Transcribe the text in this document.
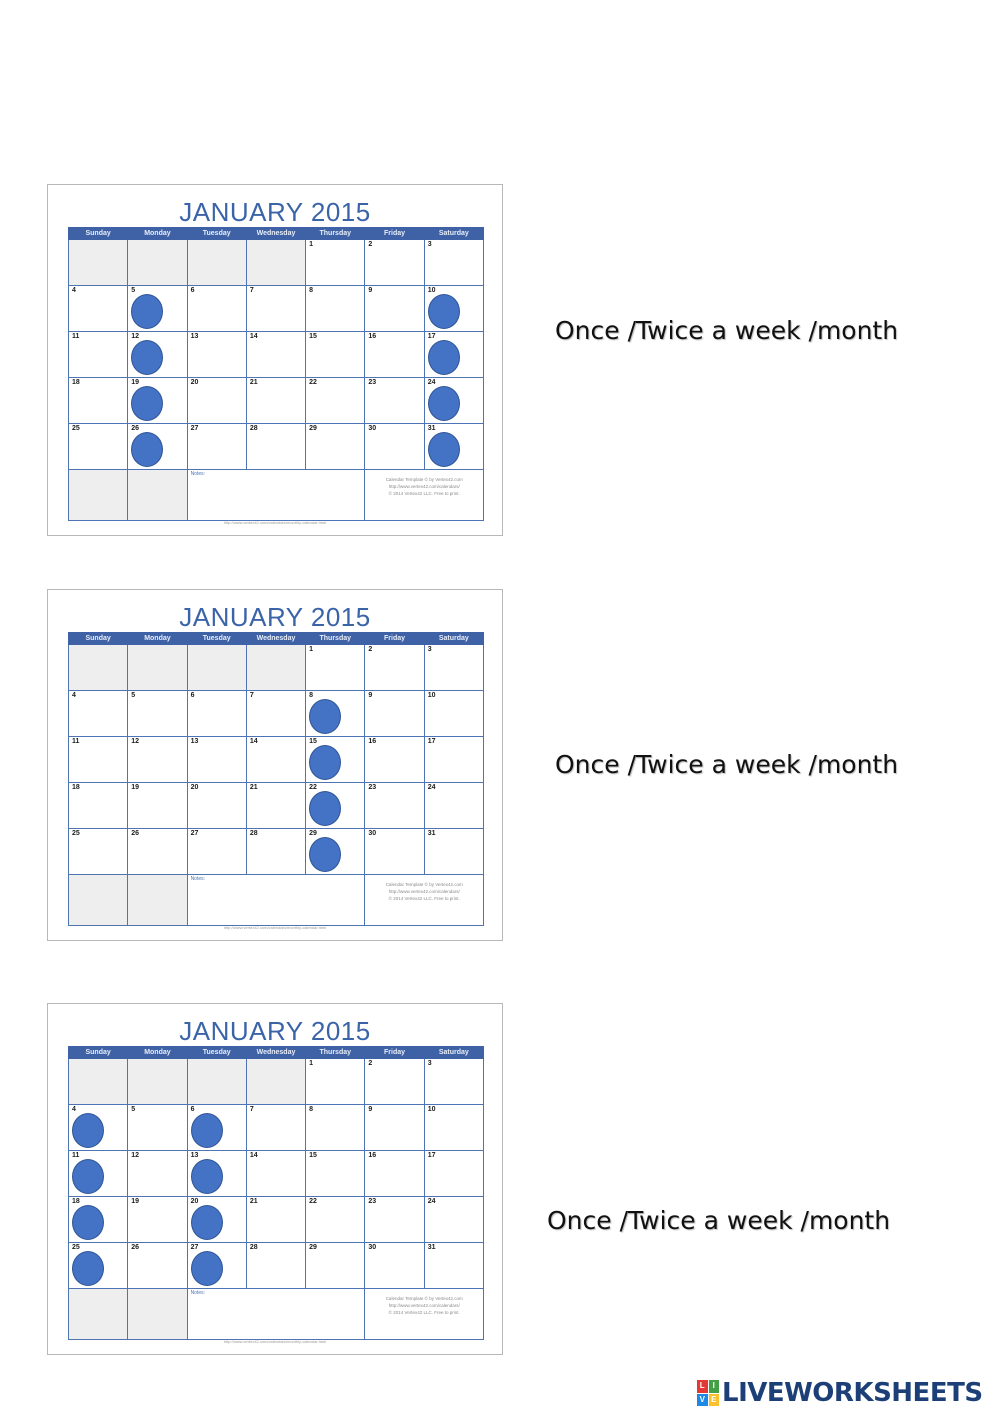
JANUARY 2015
Sunday	Monday	Tuesday	Wednesday	Thursday	Friday	Saturday
				1	2	3
4	5	6	7	8	9	10

11	12	13	14	15	16	17

18	19	20	21	22	23	24

25	26	27	28	29	30	31

		Notes:			Calendar Template © by Vertex42.com
http://www.vertex42.com/calendars/
© 2014 Vertex42 LLC. Free to print.	
http://www.vertex42.com/calendars/monthly-calendar.html
Once /Twice a week /month
JANUARY 2015
Sunday	Monday	Tuesday	Wednesday	Thursday	Friday	Saturday
				1	2	3
4	5	6	7	8	9	10
11	12	13	14	15	16	17
18	19	20	21	22	23	24
25	26	27	28	29	30	31
		Notes:			Calendar Template © by Vertex42.com
http://www.vertex42.com/calendars/
© 2014 Vertex42 LLC. Free to print.	
http://www.vertex42.com/calendars/monthly-calendar.html
Once /Twice a week /month
JANUARY 2015
Sunday	Monday	Tuesday	Wednesday	Thursday	Friday	Saturday
				1	2	3
4	5	6	7	8	9	10
11	12	13	14	15	16	17
18	19	20	21	22	23	24
25	26	27	28	29	30	31
		Notes:			Calendar Template © by Vertex42.com
http://www.vertex42.com/calendars/
© 2014 Vertex42 LLC. Free to print.	
http://www.vertex42.com/calendars/monthly-calendar.html
Once /Twice a week /month
L I
V E LIVEWORKSHEETS
